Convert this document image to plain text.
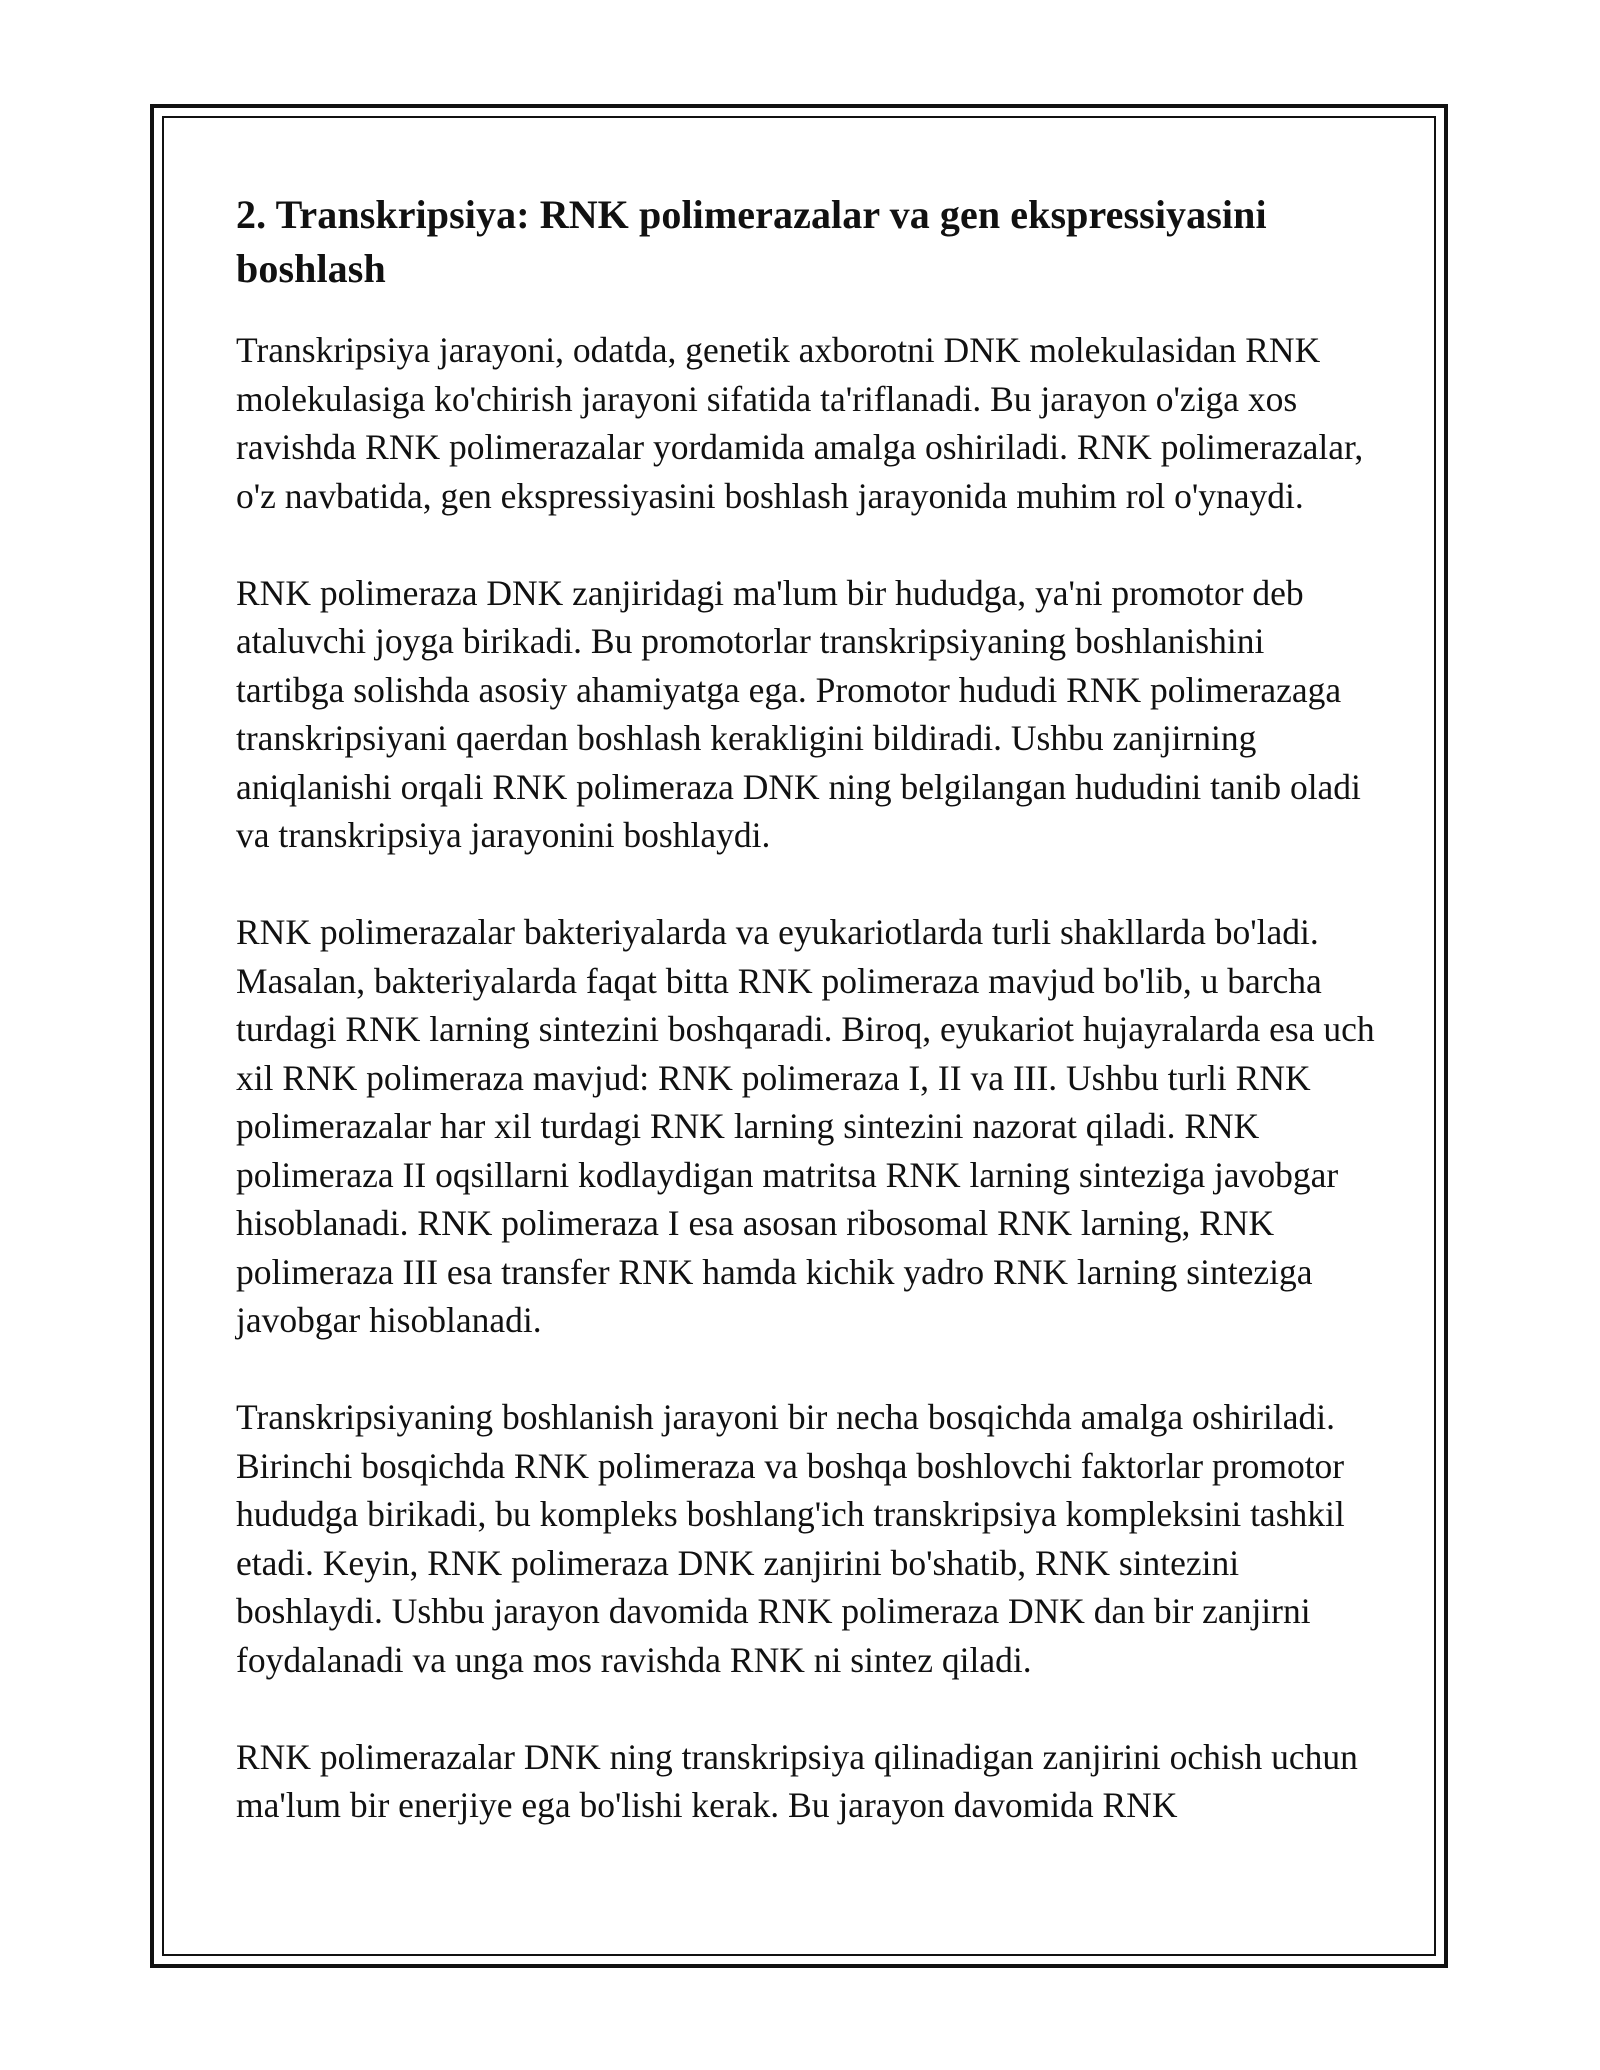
2. Transkripsiya: RNK polimerazalar va gen ekspressiyasini boshlash

Transkripsiya jarayoni, odatda, genetik axborotni DNK molekulasidan RNK molekulasiga ko'chirish jarayoni sifatida ta'riflanadi. Bu jarayon o'ziga xos ravishda RNK polimerazalar yordamida amalga oshiriladi. RNK polimerazalar, o'z navbatida, gen ekspressiyasini boshlash jarayonida muhim rol o'ynaydi.

RNK polimeraza DNK zanjiridagi ma'lum bir hududga, ya'ni promotor deb ataluvchi joyga birikadi. Bu promotorlar transkripsiyaning boshlanishini tartibga solishda asosiy ahamiyatga ega. Promotor hududi RNK polimerazaga transkripsiyani qaerdan boshlash kerakligini bildiradi. Ushbu zanjirning aniqlanishi orqali RNK polimeraza DNK ning belgilangan hududini tanib oladi va transkripsiya jarayonini boshlaydi.

RNK polimerazalar bakteriyalarda va eyukariotlarda turli shakllarda bo'ladi. Masalan, bakteriyalarda faqat bitta RNK polimeraza mavjud bo'lib, u barcha turdagi RNK larning sintezini boshqaradi. Biroq, eyukariot hujayralarda esa uch xil RNK polimeraza mavjud: RNK polimeraza I, II va III. Ushbu turli RNK polimerazalar har xil turdagi RNK larning sintezini nazorat qiladi. RNK polimeraza II oqsillarni kodlaydigan matritsa RNK larning sinteziga javobgar hisoblanadi. RNK polimeraza I esa asosan ribosomal RNK larning, RNK polimeraza III esa transfer RNK hamda kichik yadro RNK larning sinteziga javobgar hisoblanadi.

Transkripsiyaning boshlanish jarayoni bir necha bosqichda amalga oshiriladi. Birinchi bosqichda RNK polimeraza va boshqa boshlovchi faktorlar promotor hududga birikadi, bu kompleks boshlang'ich transkripsiya kompleksini tashkil etadi. Keyin, RNK polimeraza DNK zanjirini bo'shatib, RNK sintezini boshlaydi. Ushbu jarayon davomida RNK polimeraza DNK dan bir zanjirni foydalanadi va unga mos ravishda RNK ni sintez qiladi.

RNK polimerazalar DNK ning transkripsiya qilinadigan zanjirini ochish uchun ma'lum bir enerjiye ega bo'lishi kerak. Bu jarayon davomida RNK
